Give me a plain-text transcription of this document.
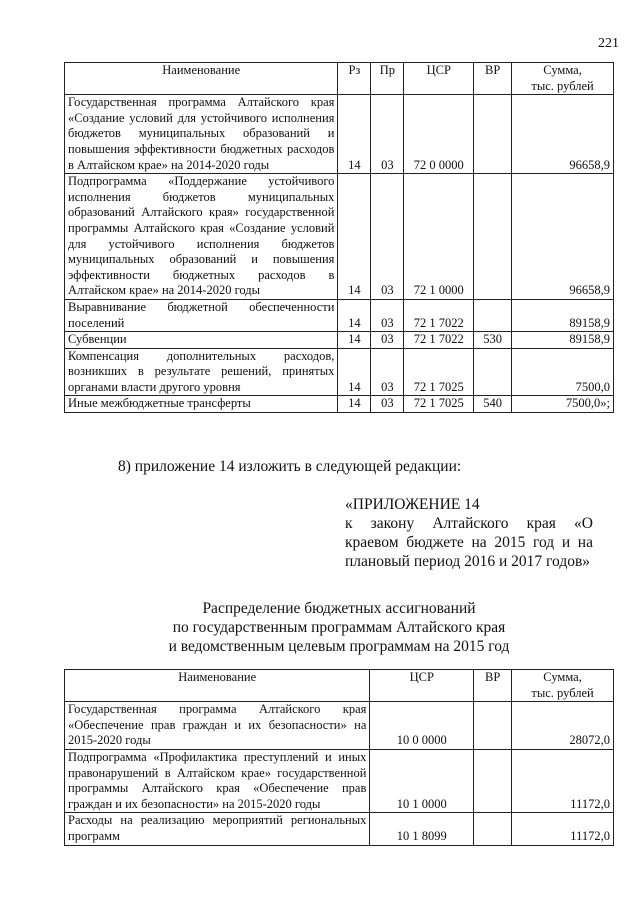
221
Наименование	Рз	Пр	ЦСР	ВР	Сумма,
тыс. рублей
Государственная программа Алтайского края «Создание условий для устойчивого исполнения бюджетов муниципальных образований и повышения эффективности бюджетных расходов в Алтайском крае» на 2014-2020 годы	14	03	72 0 0000		96658,9
Подпрограмма «Поддержание устойчивого исполнения бюджетов муниципальных образований Алтайского края» государственной программы Алтайского края «Создание условий для устойчивого исполнения бюджетов муниципальных образований и повышения эффективности бюджетных расходов в Алтайском крае» на 2014-2020 годы	14	03	72 1 0000		96658,9
Выравнивание бюджетной обеспеченности поселений	14	03	72 1 7022		89158,9
Субвенции	14	03	72 1 7022	530	89158,9
Компенсация дополнительных расходов, возникших в результате решений, принятых органами власти другого уровня	14	03	72 1 7025		7500,0
Иные межбюджетные трансферты	14	03	72 1 7025	540	7500,0»;
8) приложение 14 изложить в следующей редакции:
«ПРИЛОЖЕНИЕ 14
к закону Алтайского края «О
краевом бюджете на 2015 год и на
плановый период 2016 и 2017 годов»
Распределение бюджетных ассигнований
по государственным программам Алтайского края
и ведомственным целевым программам на 2015 год
Наименование	ЦСР	ВР	Сумма,
тыс. рублей
Государственная программа Алтайского края «Обеспечение прав граждан и их безопасности» на 2015-2020 годы	10 0 0000		28072,0
Подпрограмма «Профилактика преступлений и иных правонарушений в Алтайском крае» государственной программы Алтайского края «Обеспечение прав граждан и их безопасности» на 2015-2020 годы	10 1 0000		11172,0
Расходы на реализацию мероприятий региональных программ	10 1 8099		11172,0
